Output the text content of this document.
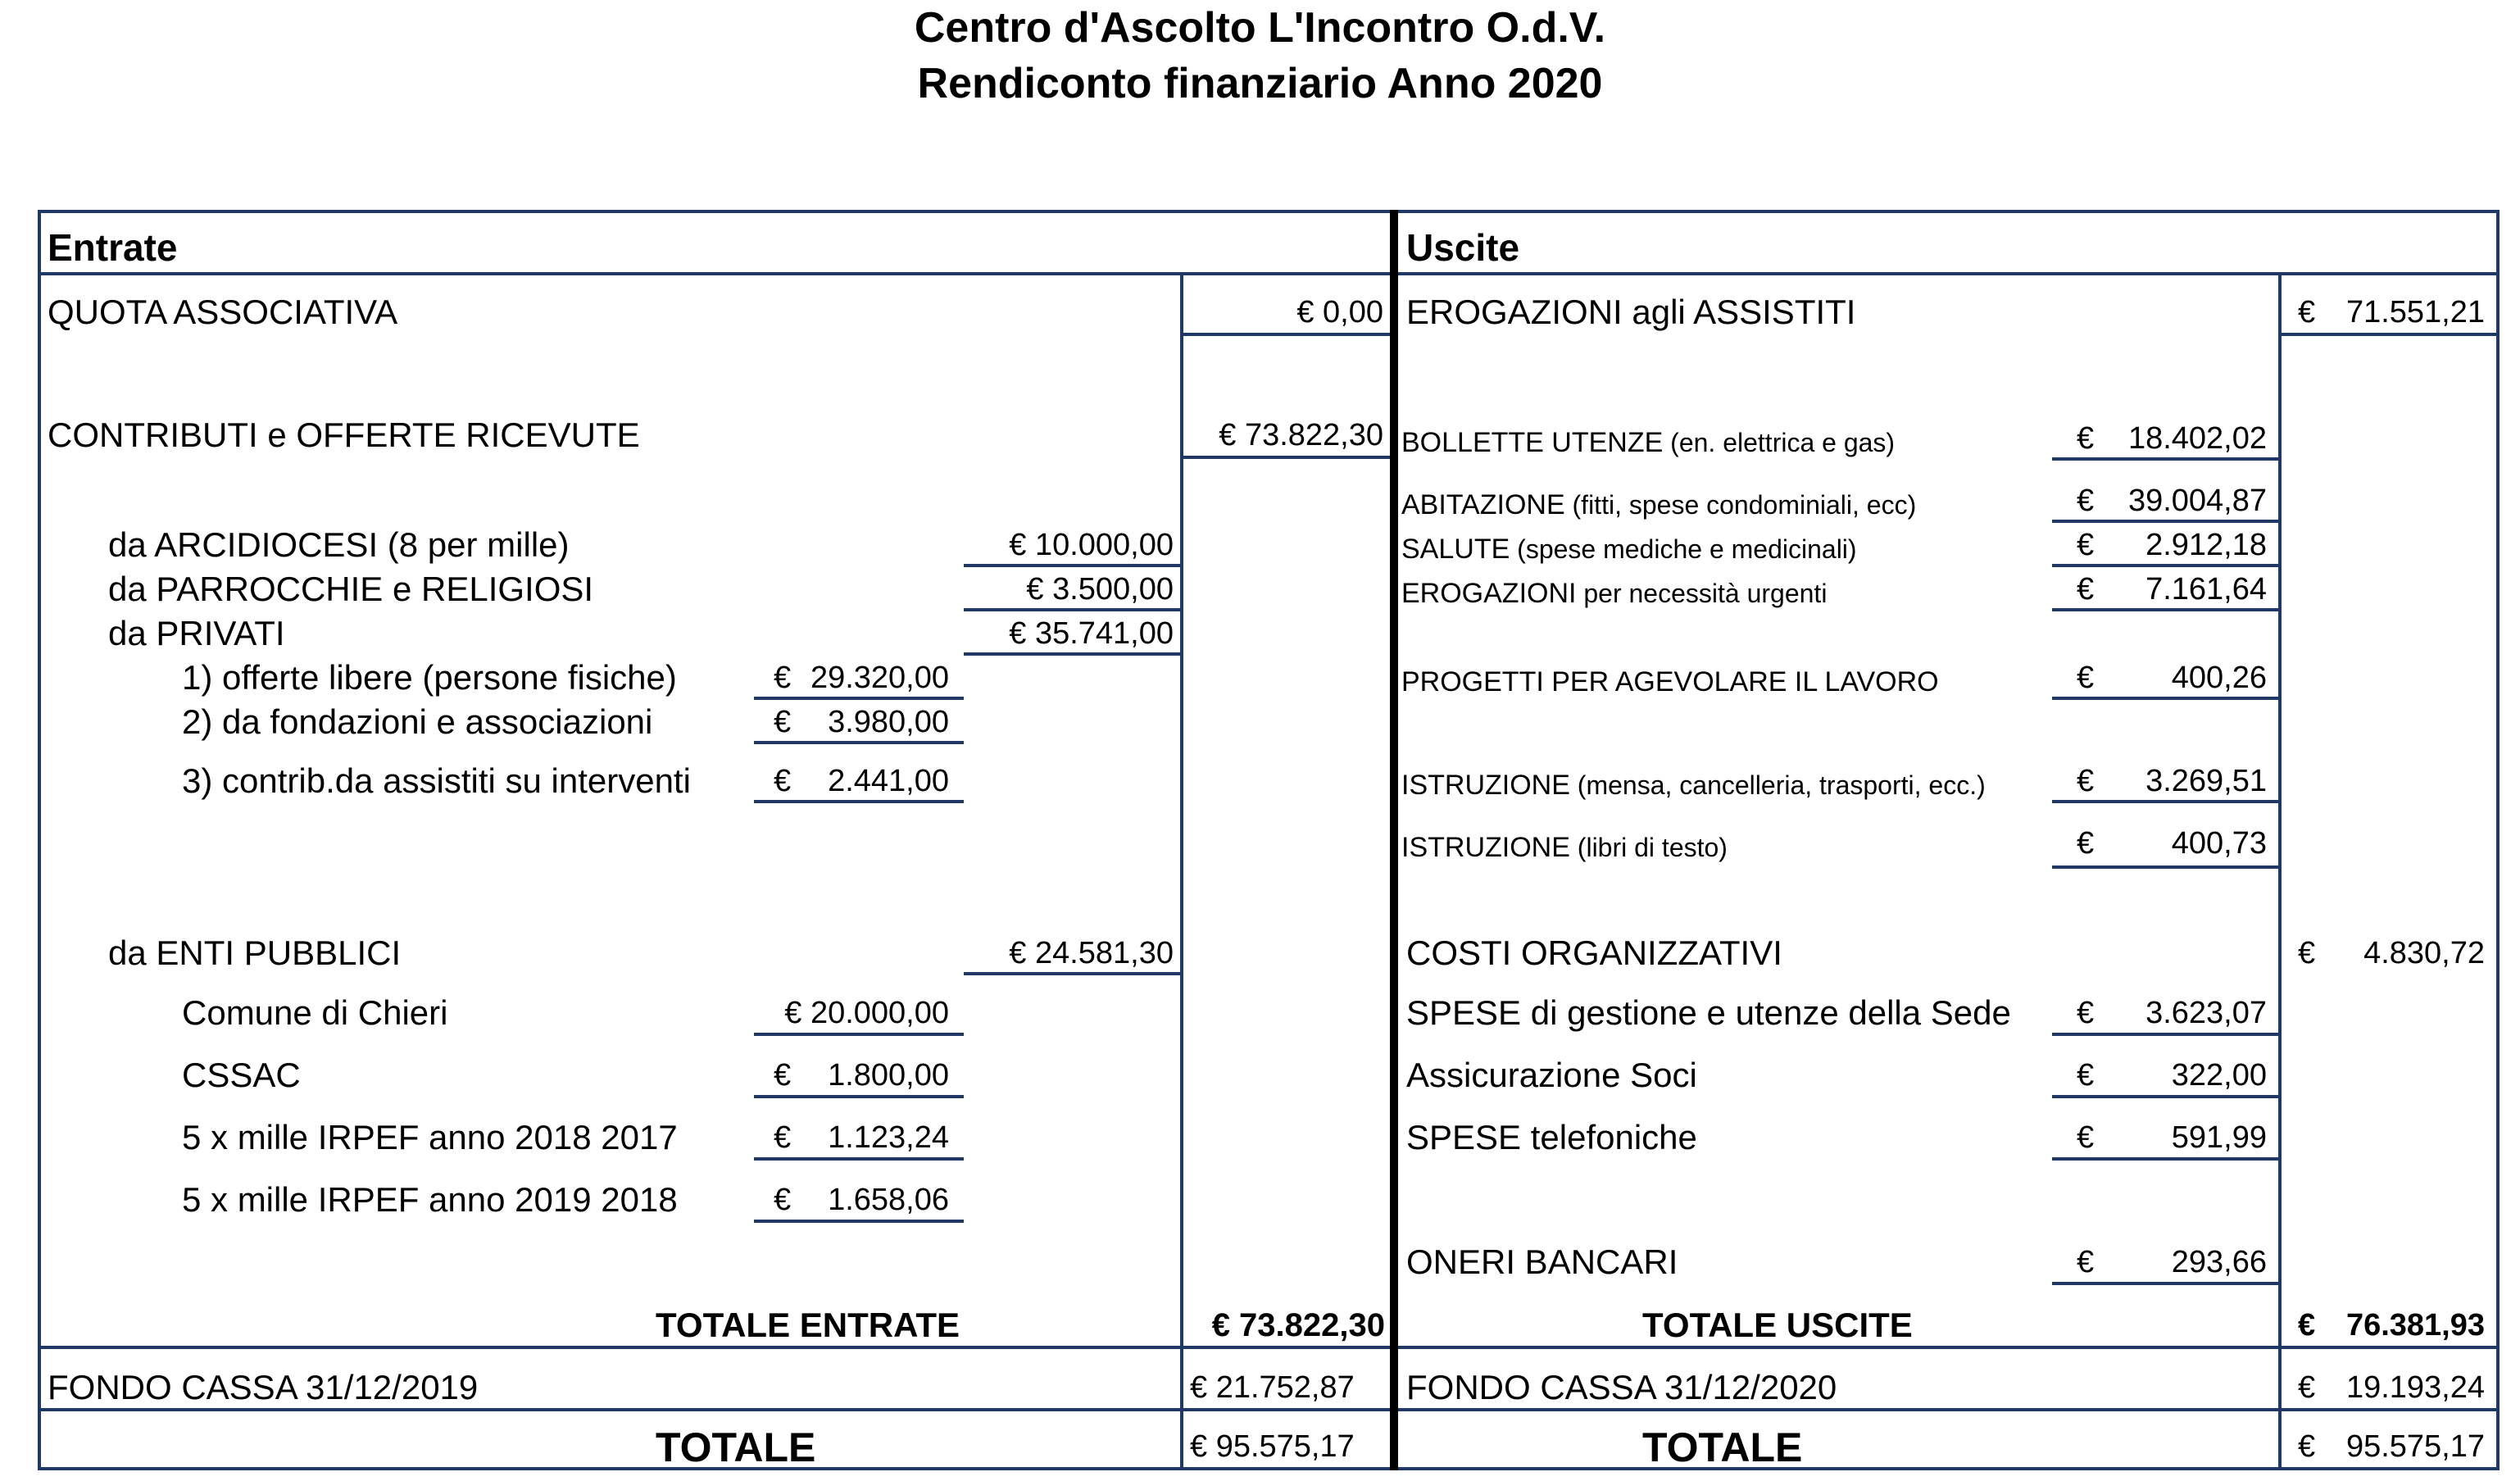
Centro d'Ascolto L'Incontro O.d.V.
Rendiconto finanziario Anno 2020
Entrate
QUOTA ASSOCIATIVA	€ 0,00
CONTRIBUTI e OFFERTE RICEVUTE	€ 73.822,30
da ARCIDIOCESI (8 per mille)	€ 10.000,00
da PARROCCHIE e RELIGIOSI	€ 3.500,00
da PRIVATI	€ 35.741,00
1) offerte libere (persone fisiche)	€ 29.320,00
2) da fondazioni e associazioni	€ 3.980,00
3) contrib.da assistiti su interventi	€ 2.441,00
da ENTI PUBBLICI	€ 24.581,30
Comune di Chieri	€ 20.000,00
CSSAC	€ 1.800,00
5 x mille IRPEF anno 2018 2017	€ 1.123,24
5 x mille IRPEF anno 2019 2018	€ 1.658,06
TOTALE ENTRATE	€ 73.822,30
FONDO CASSA 31/12/2019	€ 21.752,87
TOTALE	€ 95.575,17
Uscite
EROGAZIONI agli ASSISTITI	€ 71.551,21
BOLLETTE UTENZE (en. elettrica e gas)	€ 18.402,02
ABITAZIONE (fitti, spese condominiali, ecc)	€ 39.004,87
SALUTE (spese mediche e medicinali)	€ 2.912,18
EROGAZIONI per necessità urgenti	€ 7.161,64
PROGETTI PER AGEVOLARE IL LAVORO	€ 400,26
ISTRUZIONE (mensa, cancelleria, trasporti, ecc.)	€ 3.269,51
ISTRUZIONE (libri di testo)	€ 400,73
COSTI ORGANIZZATIVI	€ 4.830,72
SPESE di gestione e utenze della Sede € 3.623,07
Assicurazione Soci	€ 322,00
SPESE telefoniche	€ 591,99
ONERI BANCARI	€ 293,66
TOTALE USCITE	€ 76.381,93
FONDO CASSA 31/12/2020	€ 19.193,24
TOTALE	€ 95.575,17
